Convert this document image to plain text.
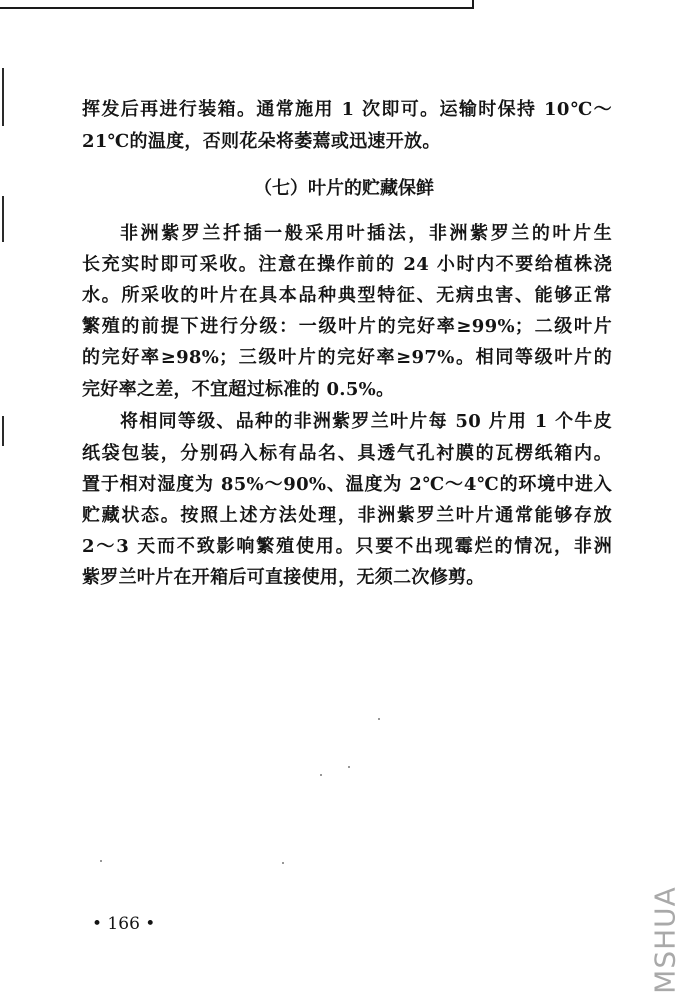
挥发后再进行装箱。通常施用 1 次即可。运输时保持 10℃～
21℃的温度，否则花朵将萎蔫或迅速开放。
（七）叶片的贮藏保鲜
非洲紫罗兰扦插一般采用叶插法，非洲紫罗兰的叶片生
长充实时即可采收。注意在操作前的 24 小时内不要给植株浇
水。所采收的叶片在具本品种典型特征、无病虫害、能够正常
繁殖的前提下进行分级：一级叶片的完好率≥99%；二级叶片
的完好率≥98%；三级叶片的完好率≥97%。相同等级叶片的
完好率之差，不宜超过标准的 0.5%。
将相同等级、品种的非洲紫罗兰叶片每 50 片用 1 个牛皮
纸袋包装，分别码入标有品名、具透气孔衬膜的瓦楞纸箱内。
置于相对湿度为 85%～90%、温度为 2℃～4℃的环境中进入
贮藏状态。按照上述方法处理，非洲紫罗兰叶片通常能够存放
2～3 天而不致影响繁殖使用。只要不出现霉烂的情况，非洲
紫罗兰叶片在开箱后可直接使用，无须二次修剪。
• 166 •	MSHUA
